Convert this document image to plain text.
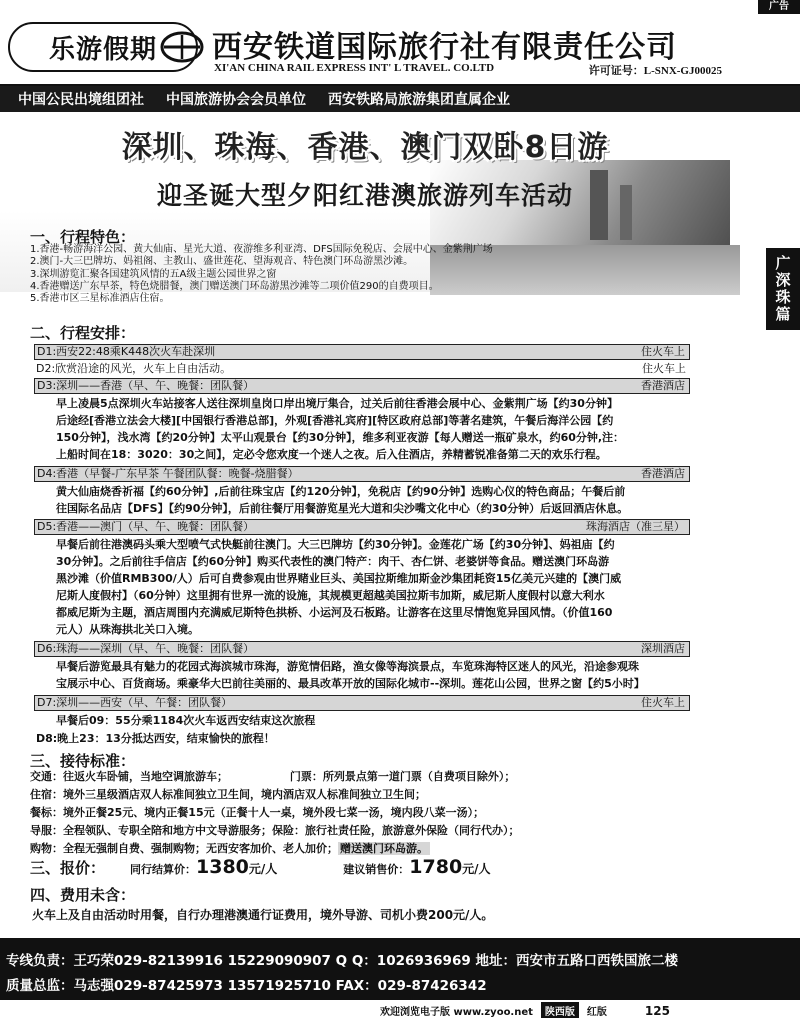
广告
乐游假期	西安铁道国际旅行社有限责任公司
XI'AN CHINA RAIL EXPRESS INT' L TRAVEL. CO.LTD	许可证号：L-SNX-GJ00025
中国公民出境组团社 中国旅游协会会员单位 西安铁路局旅游集团直属企业
深圳、珠海、香港、澳门双卧8日游
迎圣诞大型夕阳红港澳旅游列车活动
广
深
珠
篇
一、行程特色：
1.香港-畅游海洋公园、黄大仙庙、星光大道、夜游维多利亚湾、DFS国际免税店、会展中心、金紫荆广场
2.澳门-大三巴牌坊、妈祖阁、主教山、盛世莲花、望海观音、特色澳门环岛游黑沙滩。
3.深圳游览汇聚各国建筑风情的五A级主题公园世界之窗
4.香港赠送广东早茶，特色烧腊餐，澳门赠送澳门环岛游黑沙滩等二项价值290的自费项目。
5.香港市区三星标准酒店住宿。
二、行程安排：
D1:西安22:48乘K448次火车赴深圳	住火车上
D2:欣赏沿途的风光，火车上自由活动。	住火车上
D3:深圳——香港（早、午、晚餐：团队餐）	香港酒店
早上凌晨5点深圳火车站接客人送往深圳皇岗口岸出境厅集合，过关后前往香港会展中心、金紫荆广场【约30分钟】
后途经[香港立法会大楼][中国银行香港总部]，外观[香港礼宾府][特区政府总部]等著名建筑，午餐后海洋公园【约
150分钟】，浅水湾【约20分钟】太平山观景台【约30分钟】，维多利亚夜游【每人赠送一瓶矿泉水，约60分钟,注：
上船时间在18：3020：30之间】，定必令您欢度一个迷人之夜。后入住酒店，养精蓄锐准备第二天的欢乐行程。
D4:香港（早餐-广东早茶 午餐团队餐：晚餐-烧腊餐）	香港酒店
黄大仙庙烧香祈福【约60分钟】,后前往珠宝店【约120分钟】，免税店【约90分钟】选购心仪的特色商品；午餐后前
往国际名品店【DFS】【约90分钟】，后前往餐厅用餐游览星光大道和尖沙嘴文化中心（约30分钟）后返回酒店休息。
D5:香港——澳门（早、午、晚餐：团队餐）	珠海酒店（准三星）
早餐后前往港澳码头乘大型喷气式快艇前往澳门。大三巴牌坊【约30分钟】。金莲花广场【约30分钟】、妈祖庙【约
30分钟】。之后前往手信店【约60分钟】购买代表性的澳门特产：肉干、杏仁饼、老婆饼等食品。赠送澳门环岛游
黑沙滩（价值RMB300/人）后可自费参观由世界赌业巨头、美国拉斯维加斯金沙集团耗资15亿美元兴建的【澳门威
尼斯人度假村】（60分钟）这里拥有世界一流的设施，其规模更超越美国拉斯韦加斯，威尼斯人度假村以意大利水
都威尼斯为主题，酒店周围内充满威尼斯特色拱桥、小运河及石板路。让游客在这里尽情饱览异国风情。（价值160
元人）从珠海拱北关口入境。
D6:珠海——深圳（早、午、晚餐：团队餐）	深圳酒店
早餐后游览最具有魅力的花园式海滨城市珠海，游览情侣路，渔女像等海滨景点，车览珠海特区迷人的风光，沿途参观珠
宝展示中心、百货商场。乘豪华大巴前往美丽的、最具改革开放的国际化城市--深圳。莲花山公园，世界之窗【约5小时】
D7:深圳——西安（早、午餐：团队餐）	住火车上
早餐后09：55分乘1184次火车返西安结束这次旅程
D8:晚上23：13分抵达西安，结束愉快的旅程！
三、接待标准：
交通：往返火车卧铺，当地空调旅游车；	门票：所列景点第一道门票（自费项目除外）；
住宿：境外三星级酒店双人标准间独立卫生间，境内酒店双人标准间独立卫生间；
餐标：境外正餐25元、境内正餐15元（正餐十人一桌，境外段七菜一汤，境内段八菜一汤）；
导服：全程领队、专职全陪和地方中文导游服务；保险：旅行社责任险，旅游意外保险（同行代办）；
购物：全程无强制自费、强制购物；无西安客加价、老人加价； 赠送澳门环岛游。
三、报价：	同行结算价： 1380 元/人	建议销售价： 1780 元/人
四、费用未含：
火车上及自由活动时用餐，自行办理港澳通行证费用，境外导游、司机小费200元/人。
专线负责：王巧荣029-82139916 15229090907 Q Q：1026936969 地址：西安市五路口西铁国旅二楼
质量总监：马志强029-87425973 13571925710 FAX：029-87426342
欢迎浏览电子版 www.zyoo.net	陕西版	红版	125
